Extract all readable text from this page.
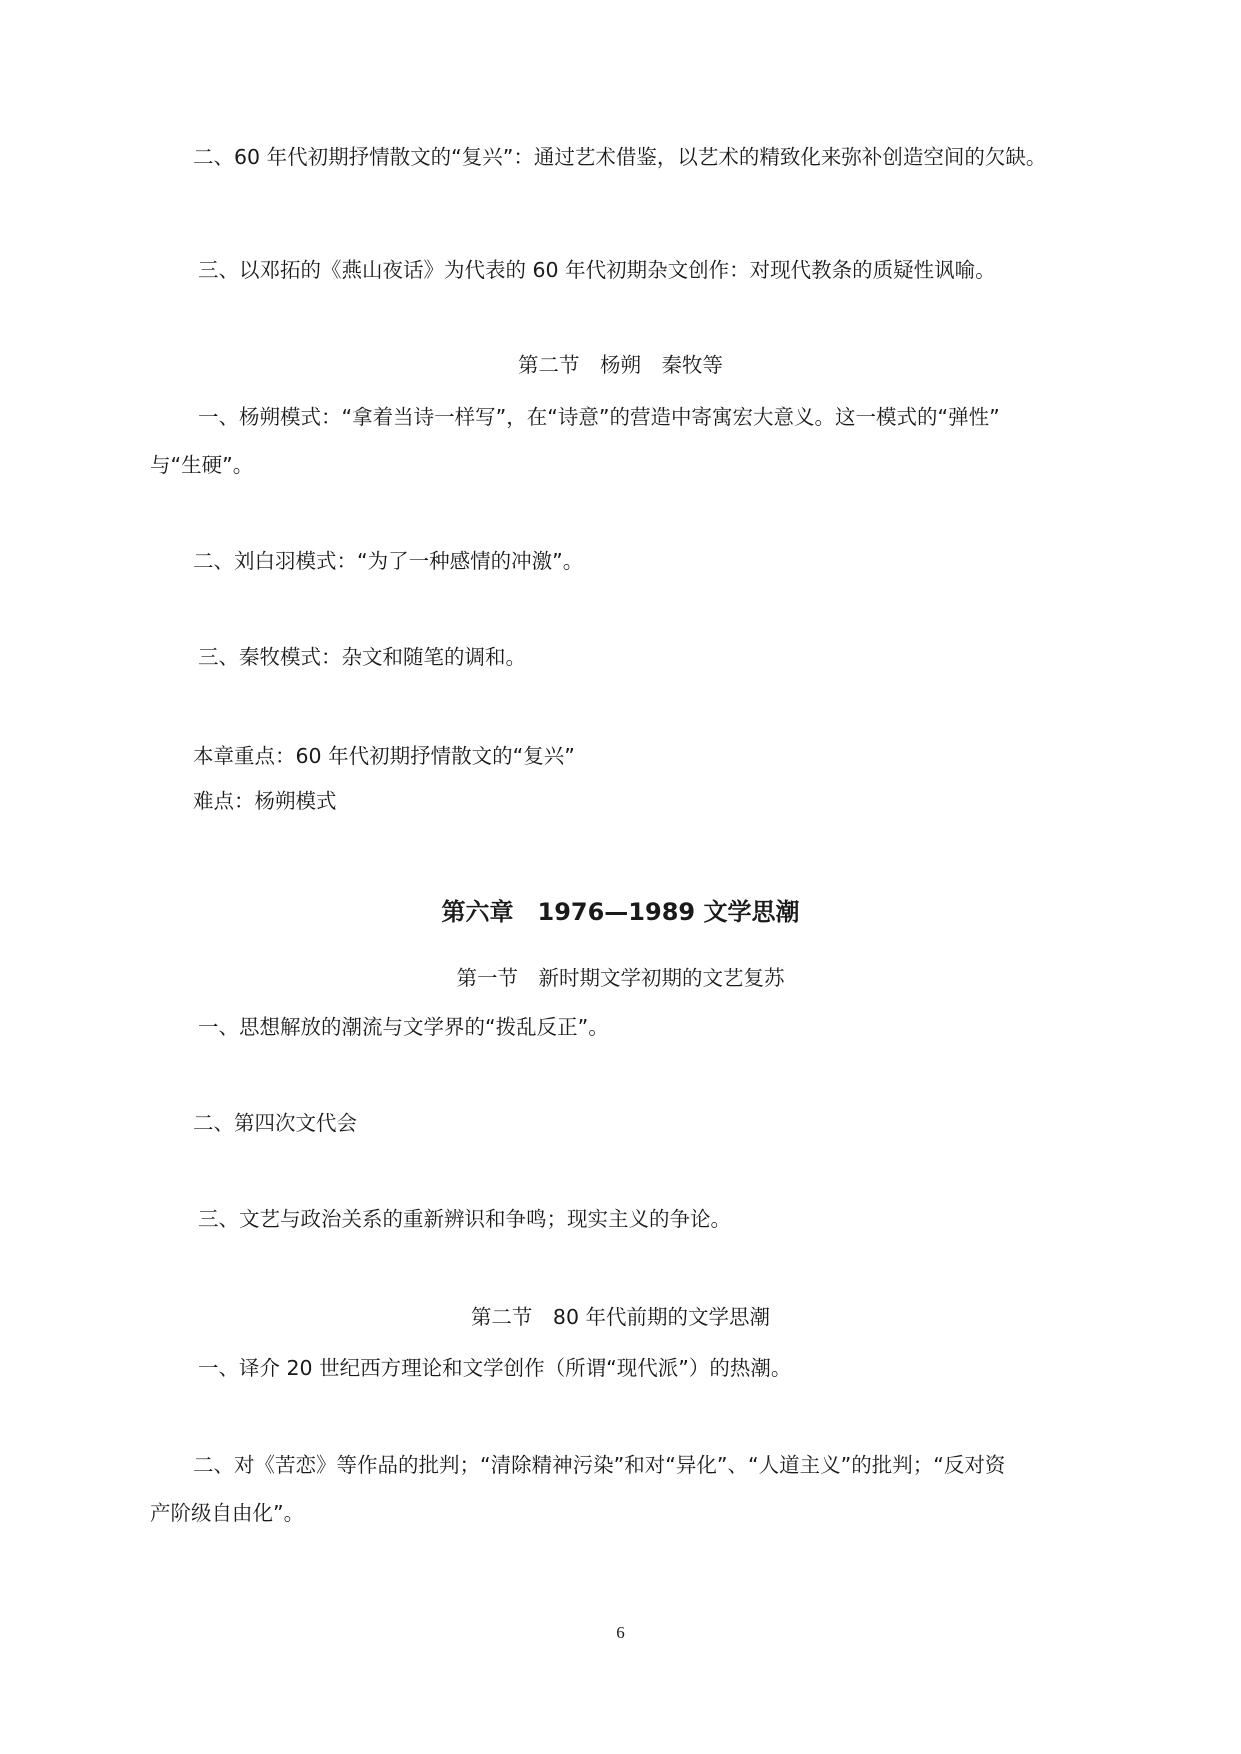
二、60 年代初期抒情散文的“复兴”：通过艺术借鉴，以艺术的精致化来弥补创造空间的欠缺。

三、以邓拓的《燕山夜话》为代表的 60 年代初期杂文创作：对现代教条的质疑性讽喻。

第二节　杨朔　秦牧等

一、杨朔模式：“拿着当诗一样写”，在“诗意”的营造中寄寓宏大意义。这一模式的“弹性”

与“生硬”。

二、刘白羽模式：“为了一种感情的冲激”。

三、秦牧模式：杂文和随笔的调和。

本章重点：60 年代初期抒情散文的“复兴”

难点：杨朔模式

第六章　1976—1989 文学思潮

第一节　新时期文学初期的文艺复苏

一、思想解放的潮流与文学界的“拨乱反正”。

二、第四次文代会

三、文艺与政治关系的重新辨识和争鸣；现实主义的争论。

第二节　80 年代前期的文学思潮

一、译介 20 世纪西方理论和文学创作（所谓“现代派”）的热潮。

二、对《苦恋》等作品的批判；“清除精神污染”和对“异化”、“人道主义”的批判；“反对资

产阶级自由化”。

6
